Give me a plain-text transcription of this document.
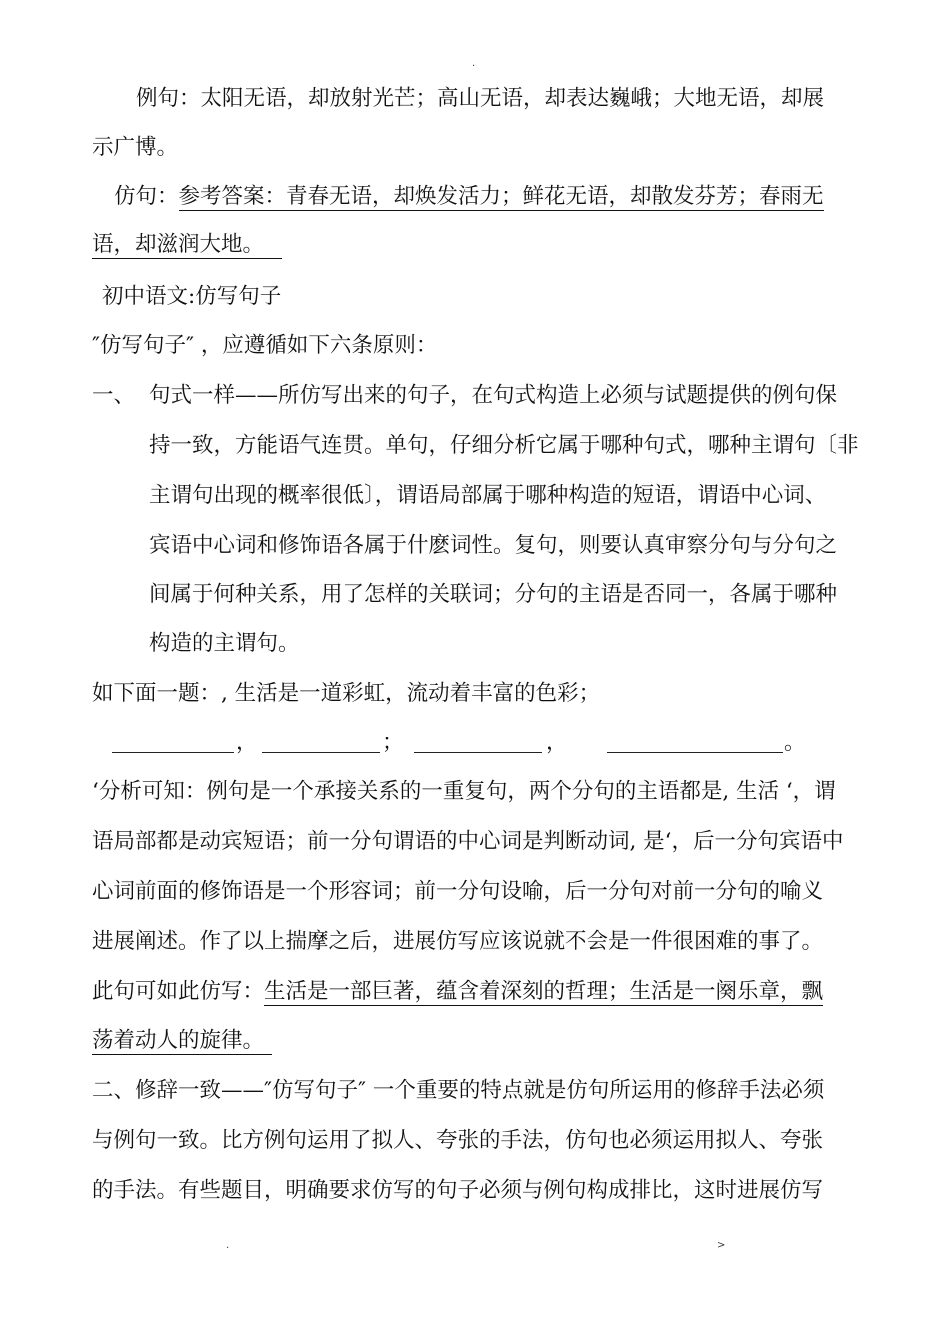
.
例句：太阳无语，却放射光芒；高山无语，却表达巍峨；大地无语，却展
示广博。
仿句：参考答案：青春无语，却焕发活力；鲜花无语，却散发芬芳；春雨无
语，却滋润大地。
初中语文:仿写句子
″仿写句子″ ，应遵循如下六条原则：
一、 句式一样——所仿写出来的句子，在句式构造上必须与试题提供的例句保
持一致，方能语气连贯。单句，仔细分析它属于哪种句式，哪种主谓句〔非
主谓句出现的概率很低〕，谓语局部属于哪种构造的短语，谓语中心词、
宾语中心词和修饰语各属于什麽词性。复句，则要认真审察分句与分句之
间属于何种关系，用了怎样的关联词；分句的主语是否同一，各属于哪种
构造的主谓句。
如下面一题：, 生活是一道彩虹，流动着丰富的色彩；
，	；	，	。
‘分析可知：例句是一个承接关系的一重复句，两个分句的主语都是, 生活 ‘，谓
语局部都是动宾短语；前一分句谓语的中心词是判断动词, 是‘，后一分句宾语中
心词前面的修饰语是一个形容词；前一分句设喻，后一分句对前一分句的喻义
进展阐述。作了以上揣摩之后，进展仿写应该说就不会是一件很困难的事了。
此句可如此仿写：生活是一部巨著，蕴含着深刻的哲理；生活是一阕乐章，飘
荡着动人的旋律。
二、修辞一致——″仿写句子″ 一个重要的特点就是仿句所运用的修辞手法必须
与例句一致。比方例句运用了拟人、夸张的手法，仿句也必须运用拟人、夸张
的手法。有些题目，明确要求仿写的句子必须与例句构成排比，这时进展仿写
.	>
